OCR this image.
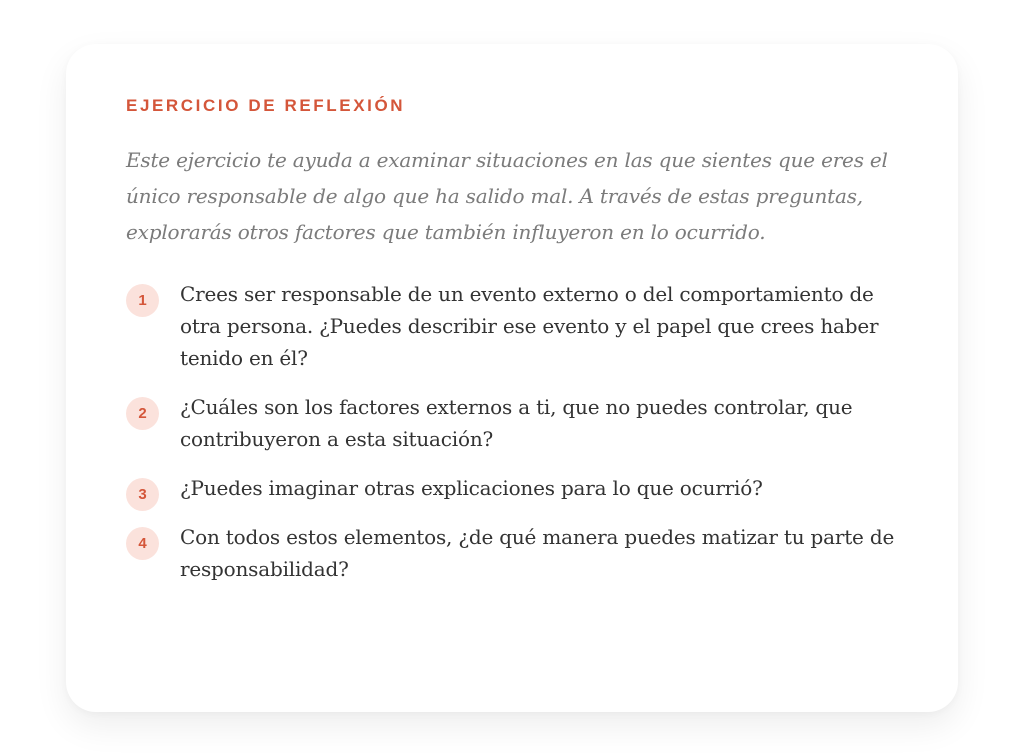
EJERCICIO DE REFLEXIÓN

Este ejercicio te ayuda a examinar situaciones en las que sientes que eres el único responsable de algo que ha salido mal. A través de estas preguntas, explorarás otros factores que también influyeron en lo ocurrido.

1	Crees ser responsable de un evento externo o del comportamiento de otra persona. ¿Puedes describir ese evento y el papel que crees haber tenido en él?
2	¿Cuáles son los factores externos a ti, que no puedes controlar, que contribuyeron a esta situación?
3	¿Puedes imaginar otras explicaciones para lo que ocurrió?
4	Con todos estos elementos, ¿de qué manera puedes matizar tu parte de responsabilidad?
